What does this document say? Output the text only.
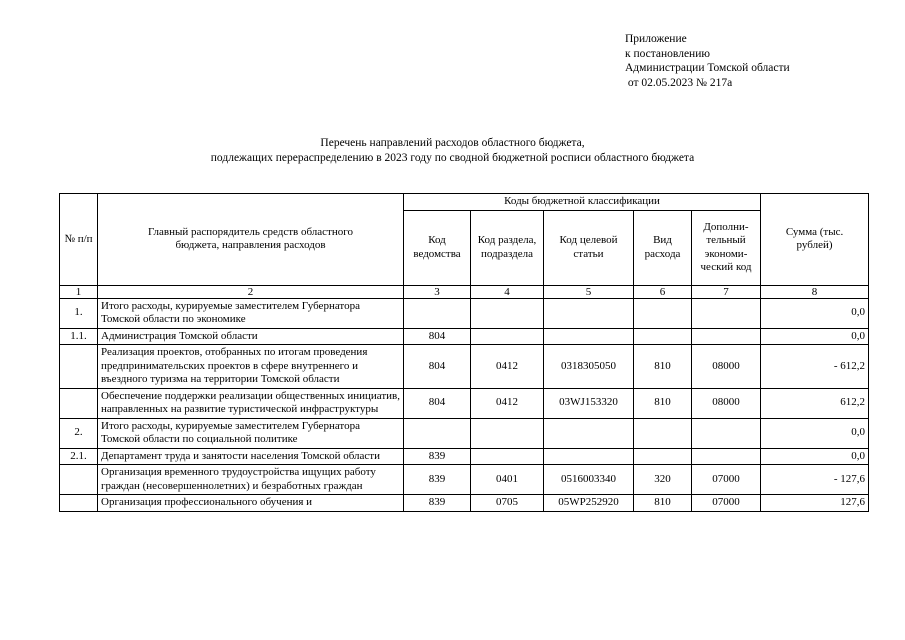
Приложение
к постановлению
Администрации Томской области
от 02.05.2023 № 217а
Перечень направлений расходов областного бюджета,
подлежащих перераспределению в 2023 году по сводной бюджетной росписи областного бюджета
№ п/п	Главный распорядитель средств областного бюджета, направления расходов	Коды бюджетной классификации					Сумма (тыс. рублей)
		Код ведомства	Код раздела, подраздела	Код целевой статьи	Вид расхода	Дополни-тельный экономи-ческий код	
1	2	3	4	5	6	7	8
1.	Итого расходы, курируемые заместителем Губернатора Томской области по экономике						0,0
1.1.	Администрация Томской области	804					0,0
	Реализация проектов, отобранных по итогам проведения предпринимательских проектов в сфере внутреннего и въездного туризма на территории Томской области	804	0412	0318305050	810	08000	- 612,2
	Обеспечение поддержки реализации общественных инициатив, направленных на развитие туристической инфраструктуры	804	0412	03WJ153320	810	08000	612,2
2.	Итого расходы, курируемые заместителем Губернатора Томской области по социальной политике						0,0
2.1.	Департамент труда и занятости населения Томской области	839					0,0
	Организация временного трудоустройства ищущих работу граждан (несовершеннолетних) и безработных граждан	839	0401	0516003340	320	07000	- 127,6
	Организация профессионального обучения и	839	0705	05WP252920	810	07000	127,6
